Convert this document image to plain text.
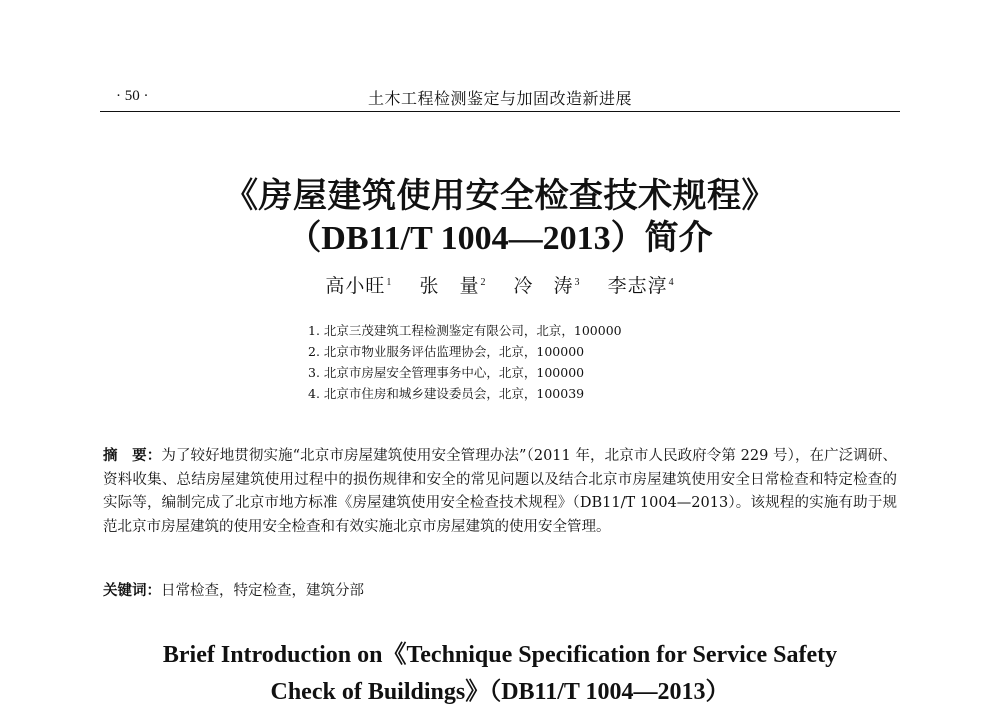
· 50 ·	土木工程检测鉴定与加固改造新进展
《房屋建筑使用安全检查技术规程》
（DB11/T 1004—2013）简介
高小旺$^1$ 张　量$^2$ 冷　涛$^3$ 李志淳$^4$
1. 北京三茂建筑工程检测鉴定有限公司，北京，100000
2. 北京市物业服务评估监理协会，北京，100000
3. 北京市房屋安全管理事务中心，北京，100000
4. 北京市住房和城乡建设委员会，北京，100039
摘　要：为了较好地贯彻实施“北京市房屋建筑使用安全管理办法”（2011 年，北京市人民政府令第 229 号），在广泛调研、资料收集、总结房屋建筑使用过程中的损伤规律和安全的常见问题以及结合北京市房屋建筑使用安全日常检查和特定检查的实际等，编制完成了北京市地方标准《房屋建筑使用安全检查技术规程》（DB11/T 1004—2013）。该规程的实施有助于规范北京市房屋建筑的使用安全检查和有效实施北京市房屋建筑的使用安全管理。
关键词：日常检查，特定检查，建筑分部
Brief Introduction on《Technique Specification for Service Safety
Check of Buildings》（DB11/T 1004—2013）
